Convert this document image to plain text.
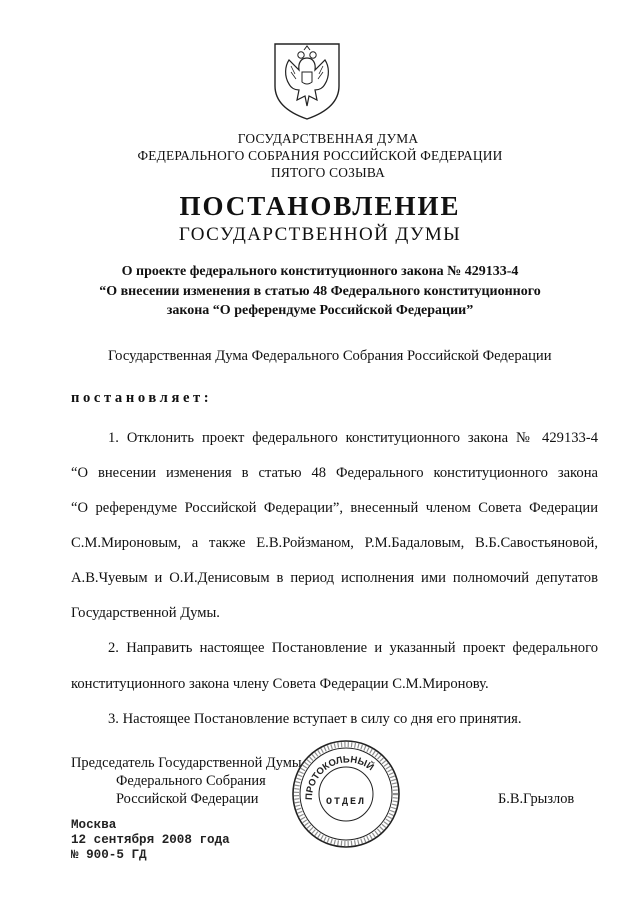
ГОСУДАРСТВЕННАЯ ДУМА
ФЕДЕРАЛЬНОГО СОБРАНИЯ РОССИЙСКОЙ ФЕДЕРАЦИИ
ПЯТОГО СОЗЫВА
ПОСТАНОВЛЕНИЕ
ГОСУДАРСТВЕННОЙ ДУМЫ
О проекте федерального конституционного закона № 429133-4
“О внесении изменения в статью 48 Федерального конституционного
закона “О референдуме Российской Федерации”
Государственная Дума Федерального Собрания Российской Федерации
постановляет:
1. Отклонить проект федерального конституционного закона № 429133-4
“О внесении изменения в статью 48 Федерального конституционного закона
“О референдуме Российской Федерации”, внесенный членом Совета Федерации
С.М.Мироновым, а также Е.В.Ройзманом, Р.М.Бадаловым, В.Б.Савостьяновой,
А.В.Чуевым и О.И.Денисовым в период исполнения ими полномочий депутатов
Государственной Думы.
2. Направить настоящее Постановление и указанный проект федерального
конституционного закона члену Совета Федерации С.М.Миронову.
3. Настоящее Постановление вступает в силу со дня его принятия.
Председатель Государственной Думы
Федерального Собрания
Российской Федерации	Б.В.Грызлов
ПРОТОКОЛЬНЫЙ
ОТДЕЛ
Москва
12 сентября 2008 года
№ 900-5 ГД
